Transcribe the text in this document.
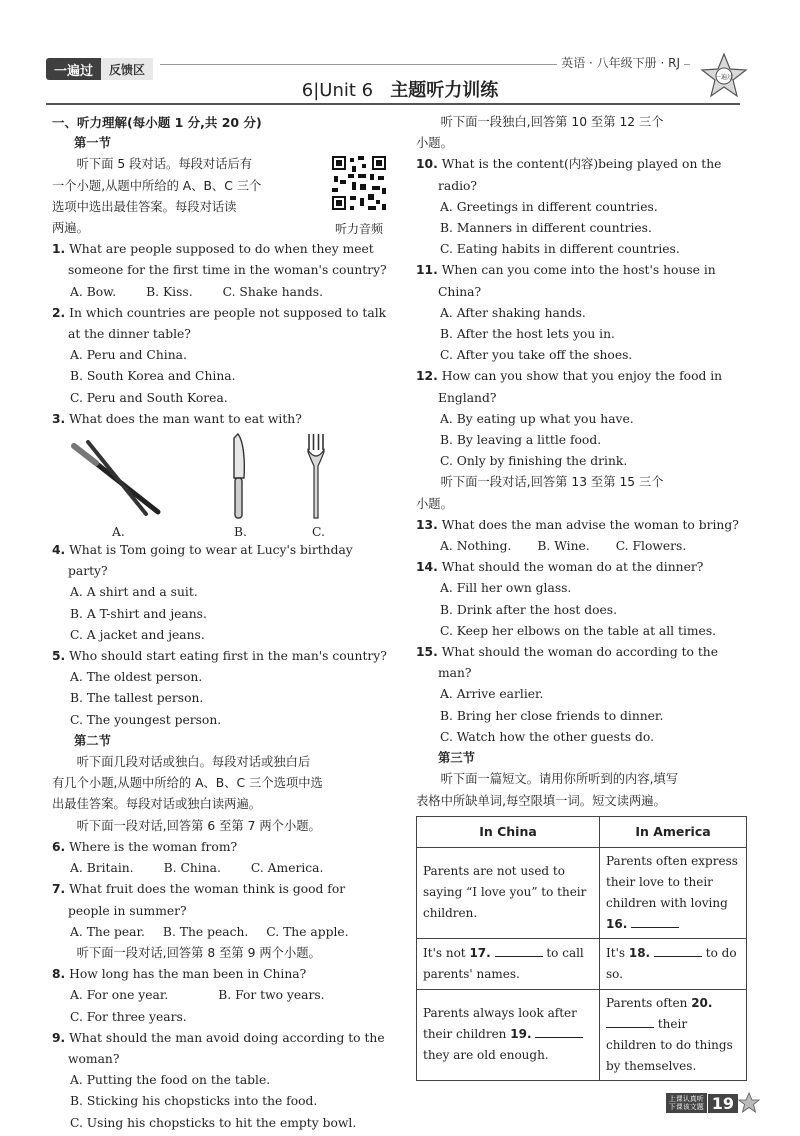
一遍过	反馈区	英语 · 八年级下册 · RJ
一遍过
6|Unit 6 主题听力训练

一、听力理解(每小题 1 分,共 20 分)

第一节

听力音频

听下面 5 段对话。每段对话后有

一个小题,从题中所给的 A、B、C 三个

选项中选出最佳答案。每段对话读

两遍。

1. What are people supposed to do when they meet someone for the first time in the woman's country?

A. Bow. B. Kiss. C. Shake hands.

2. In which countries are people not supposed to talk at the dinner table?

A. Peru and China.

B. South Korea and China.

C. Peru and South Korea.

3. What does the man want to eat with?

A.	B.	C.

4. What is Tom going to wear at Lucy's birthday party?

A. A shirt and a suit.

B. A T-shirt and jeans.

C. A jacket and jeans.

5. Who should start eating first in the man's country?

A. The oldest person.

B. The tallest person.

C. The youngest person.

第二节

听下面几段对话或独白。每段对话或独白后

有几个小题,从题中所给的 A、B、C 三个选项中选

出最佳答案。每段对话或独白读两遍。

听下面一段对话,回答第 6 至第 7 两个小题。

6. Where is the woman from?

A. Britain. B. China. C. America.

7. What fruit does the woman think is good for people in summer?

A. The pear. B. The peach. C. The apple.

听下面一段对话,回答第 8 至第 9 两个小题。

8. How long has the man been in China?

A. For one year.	B. For two years.

C. For three years.

9. What should the man avoid doing according to the woman?

A. Putting the food on the table.

B. Sticking his chopsticks into the food.

C. Using his chopsticks to hit the empty bowl.

听下面一段独白,回答第 10 至第 12 三个

小题。

10. What is the content(内容)being played on the radio?

A. Greetings in different countries.

B. Manners in different countries.

C. Eating habits in different countries.

11. When can you come into the host's house in China?

A. After shaking hands.

B. After the host lets you in.

C. After you take off the shoes.

12. How can you show that you enjoy the food in England?

A. By eating up what you have.

B. By leaving a little food.

C. Only by finishing the drink.

听下面一段对话,回答第 13 至第 15 三个

小题。

13. What does the man advise the woman to bring?

A. Nothing. B. Wine. C. Flowers.

14. What should the woman do at the dinner?

A. Fill her own glass.

B. Drink after the host does.

C. Keep her elbows on the table at all times.

15. What should the woman do according to the man?

A. Arrive earlier.

B. Bring her close friends to dinner.

C. Watch how the other guests do.

第三节

听下面一篇短文。请用你所听到的内容,填写

表格中所缺单词,每空限填一词。短文读两遍。

In China	In America
Parents are not used to saying “I love you” to their children.	Parents often express their love to their children with loving 16.
It's not 17. to call parents' names.	It's 18. to do so.
Parents always look after their children 19.  they are old enough.	Parents often 20.  their children to do things by themselves.
上课认真听
下课该文题 19
